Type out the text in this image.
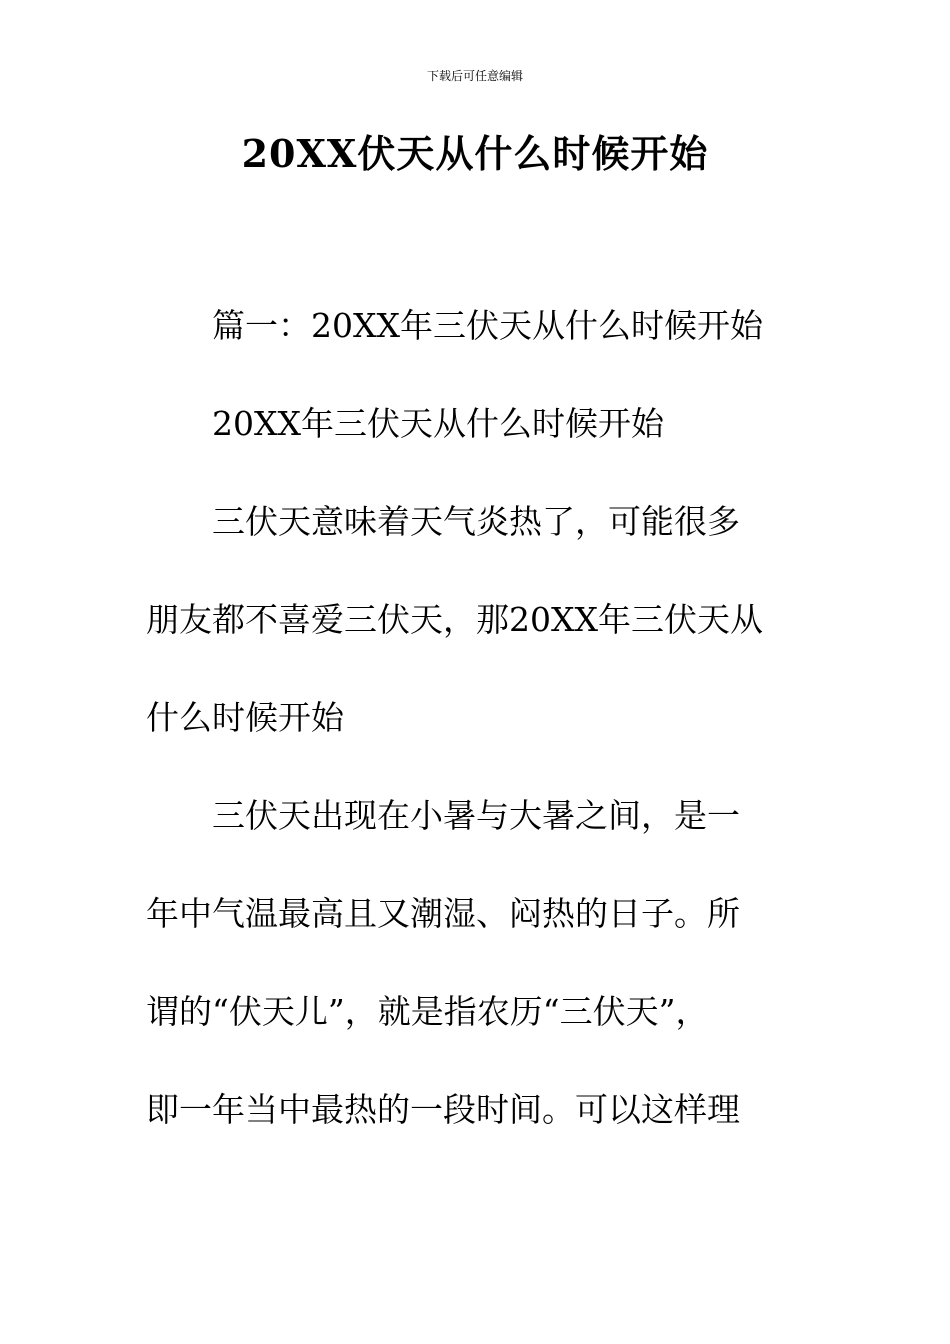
下载后可任意编辑
20XX伏天从什么时候开始

篇一：20XX年三伏天从什么时候开始

20XX年三伏天从什么时候开始

三伏天意味着天气炎热了，可能很多
朋友都不喜爱三伏天，那20XX年三伏天从
什么时候开始
三伏天出现在小暑与大暑之间，是一
年中气温最高且又潮湿、闷热的日子。所
谓的“伏天儿”，就是指农历“三伏天”，
即一年当中最热的一段时间。可以这样理
